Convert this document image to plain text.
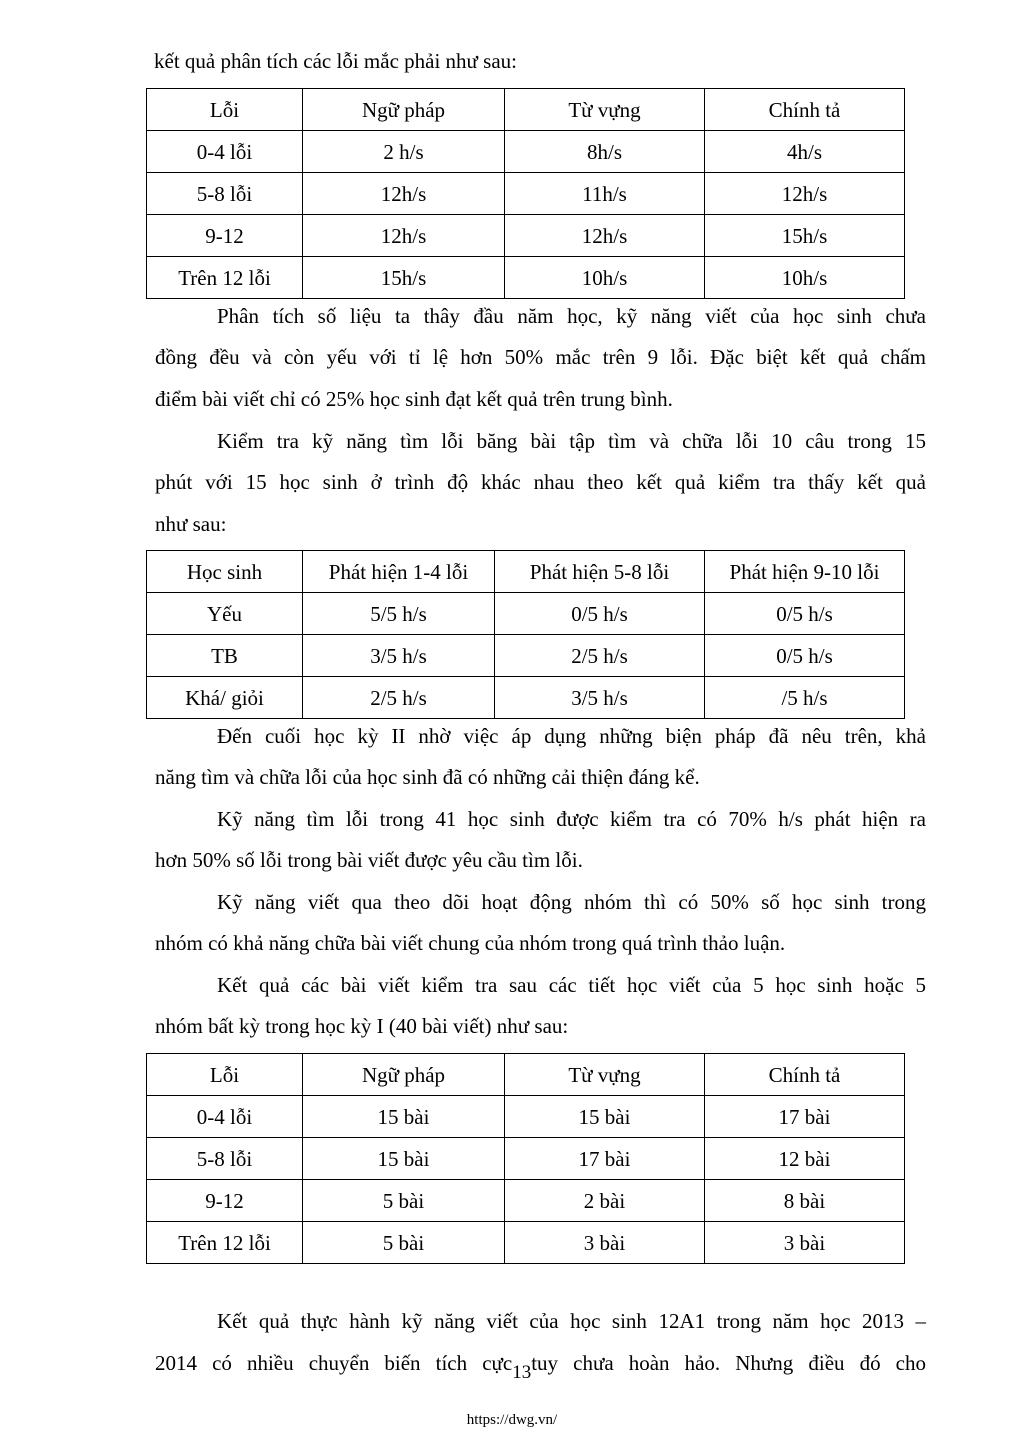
kết quả phân tích các lỗi mắc phải như sau:
Lỗi	Ngữ pháp	Từ vựng	Chính tả
0-4 lỗi	2 h/s	8h/s	4h/s
5-8 lỗi	12h/s	11h/s	12h/s
9-12	12h/s	12h/s	15h/s
Trên 12 lỗi	15h/s	10h/s	10h/s
Phân tích số liệu ta thây đầu năm học, kỹ năng viết của học sinh chưa
đồng đều và còn yếu với tỉ lệ hơn 50% mắc trên 9 lỗi. Đặc biệt kết quả chấm
điểm bài viết chỉ có 25% học sinh đạt kết quả trên trung bình.
Kiểm tra kỹ năng tìm lỗi băng bài tập tìm và chữa lỗi 10 câu trong 15
phút với 15 học sinh ở trình độ khác nhau theo kết quả kiểm tra thấy kết quả
như sau:
Học sinh	Phát hiện 1-4 lỗi	Phát hiện 5-8 lỗi	Phát hiện 9-10 lỗi
Yếu	5/5 h/s	0/5 h/s	0/5 h/s
TB	3/5 h/s	2/5 h/s	0/5 h/s
Khá/ giỏi	2/5 h/s	3/5 h/s	/5 h/s
Đến cuối học kỳ II nhờ việc áp dụng những biện pháp đã nêu trên, khả
năng tìm và chữa lỗi của học sinh đã có những cải thiện đáng kể.
Kỹ năng tìm lỗi trong 41 học sinh được kiểm tra có 70% h/s phát hiện ra
hơn 50% số lỗi trong bài viết được yêu cầu tìm lỗi.
Kỹ năng viết qua theo dõi hoạt động nhóm thì có 50% số học sinh trong
nhóm có khả năng chữa bài viết chung của nhóm trong quá trình thảo luận.
Kết quả các bài viết kiểm tra sau các tiết học viết của 5 học sinh hoặc 5
nhóm bất kỳ trong học kỳ I (40 bài viết) như sau:
Lỗi	Ngữ pháp	Từ vựng	Chính tả
0-4 lỗi	15 bài	15 bài	17 bài
5-8 lỗi	15 bài	17 bài	12 bài
9-12	5 bài	2 bài	8 bài
Trên 12 lỗi	5 bài	3 bài	3 bài
Kết quả thực hành kỹ năng viết của học sinh 12A1 trong năm học 2013 –
2014 có nhiều chuyển biến tích cực$_{13}$tuy chưa hoàn hảo. Nhưng điều đó cho
https://dwg.vn/
